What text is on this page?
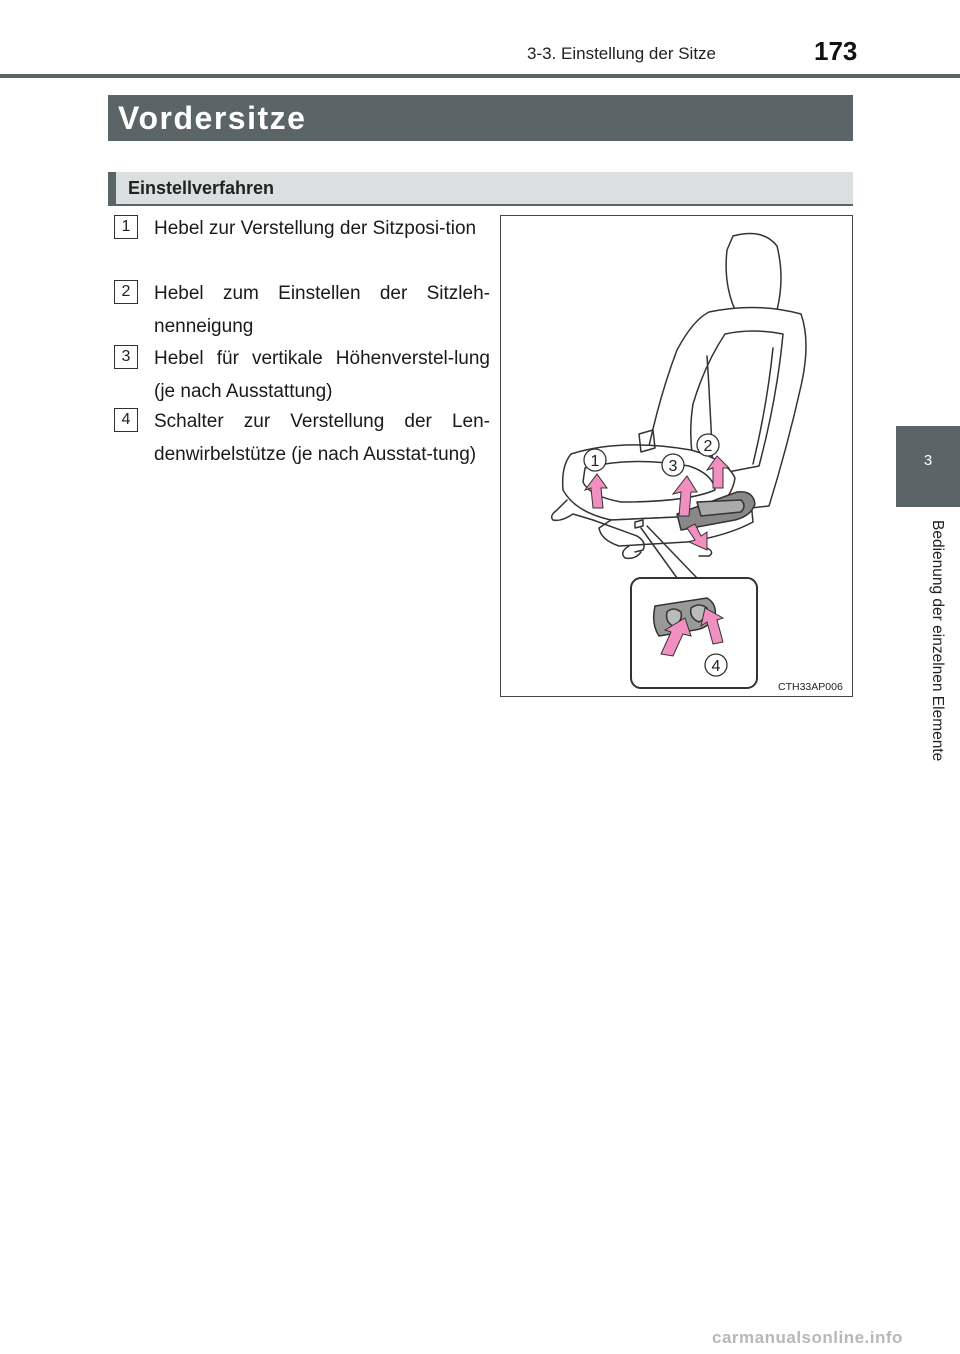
3-3. Einstellung der Sitze	173
3
Bedienung der einzelnen Elemente
Vordersitze
Einstellverfahren
1	Hebel zur Verstellung der Sitzposi-tion
2	Hebel zum Einstellen der Sitzleh-nenneigung
3	Hebel für vertikale Höhenverstel-lung (je nach Ausstattung)
4	Schalter zur Verstellung der Len-denwirbelstütze (je nach Ausstat-tung)	1
2
3
4
CTH33AP006
carmanualsonline.info
